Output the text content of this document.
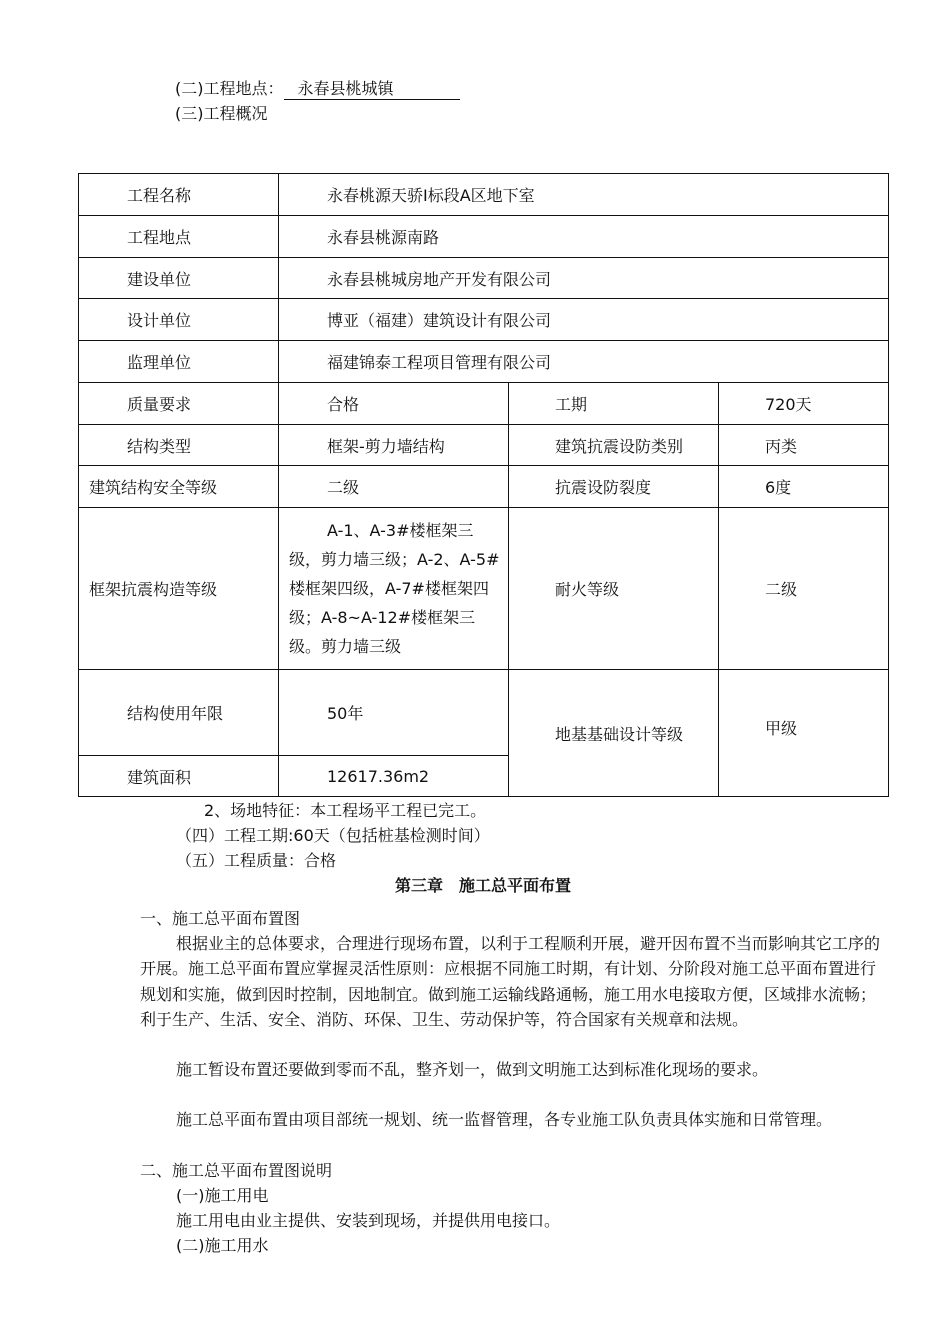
(二)工程地点： 永春县桃城镇
(三)工程概况
工程名称	永春桃源天骄Ⅰ标段A区地下室		
工程地点	永春县桃源南路		
建设单位	永春县桃城房地产开发有限公司		
设计单位	博亚（福建）建筑设计有限公司		
监理单位	福建锦泰工程项目管理有限公司		
质量要求	合格	工期	720天
结构类型	框架-剪力墙结构	建筑抗震设防类别	丙类
建筑结构安全等级	二级	抗震设防裂度	6度
框架抗震构造等级	A-1、A-3#楼框架三级，剪力墙三级；A-2、A-5#楼框架四级，A-7#楼框架四级；A-8~A-12#楼框架三级。剪力墙三级	耐火等级	二级
结构使用年限	50年	地基基础设计等级	甲级
建筑面积	12617.36m2		
2、场地特征：本工程场平工程已完工。
（四）工程工期:60天（包括桩基检测时间）
（五）工程质量：合格
第三章　施工总平面布置
一、施工总平面布置图
根据业主的总体要求，合理进行现场布置，以利于工程顺利开展，避开因布置不当而影响其它工序的开展。施工总平面布置应掌握灵活性原则：应根据不同施工时期，有计划、分阶段对施工总平面布置进行规划和实施，做到因时控制，因地制宜。做到施工运输线路通畅，施工用水电接取方便，区域排水流畅；利于生产、生活、安全、消防、环保、卫生、劳动保护等，符合国家有关规章和法规。
施工暂设布置还要做到零而不乱，整齐划一，做到文明施工达到标准化现场的要求。
施工总平面布置由项目部统一规划、统一监督管理，各专业施工队负责具体实施和日常管理。
二、施工总平面布置图说明
(一)施工用电
施工用电由业主提供、安装到现场，并提供用电接口。
(二)施工用水
